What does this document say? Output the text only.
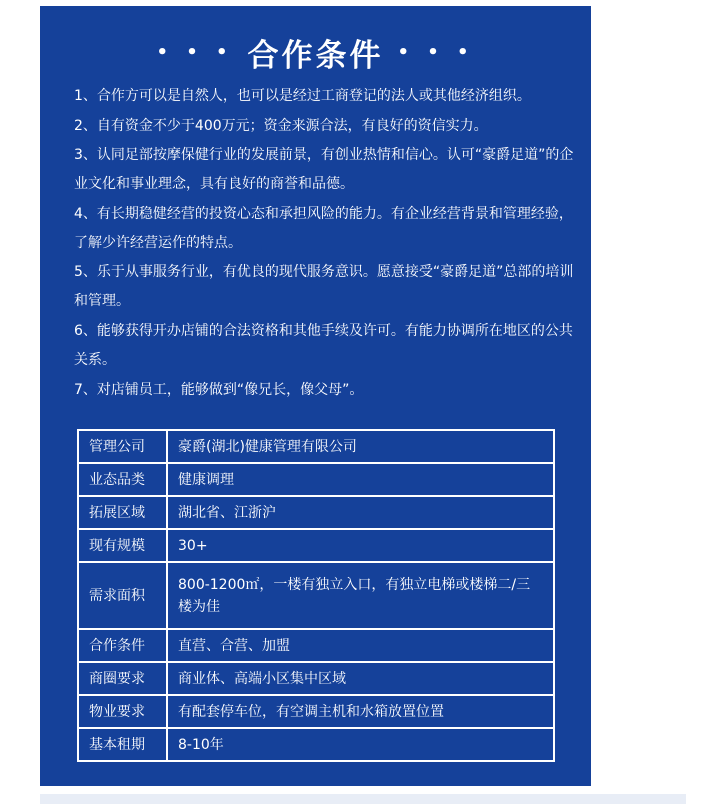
• • • 合作条件 • • •
1、合作方可以是自然人，也可以是经过工商登记的法人或其他经济组织。
2、自有资金不少于400万元；资金来源合法，有良好的资信实力。
3、认同足部按摩保健行业的发展前景，有创业热情和信心。认可“豪爵足道”的企业文化和事业理念，具有良好的商誉和品德。
4、有长期稳健经营的投资心态和承担风险的能力。有企业经营背景和管理经验，了解少许经营运作的特点。
5、乐于从事服务行业，有优良的现代服务意识。愿意接受“豪爵足道”总部的培训和管理。
6、能够获得开办店铺的合法资格和其他手续及许可。有能力协调所在地区的公共关系。
7、对店铺员工，能够做到“像兄长，像父母”。
管理公司	豪爵(湖北)健康管理有限公司
业态品类	健康调理
拓展区域	湖北省、江浙沪
现有规模	30+
需求面积	800-1200㎡，一楼有独立入口，有独立电梯或楼梯二/三楼为佳
合作条件	直营、合营、加盟
商圈要求	商业体、高端小区集中区域
物业要求	有配套停车位，有空调主机和水箱放置位置
基本租期	8-10年
